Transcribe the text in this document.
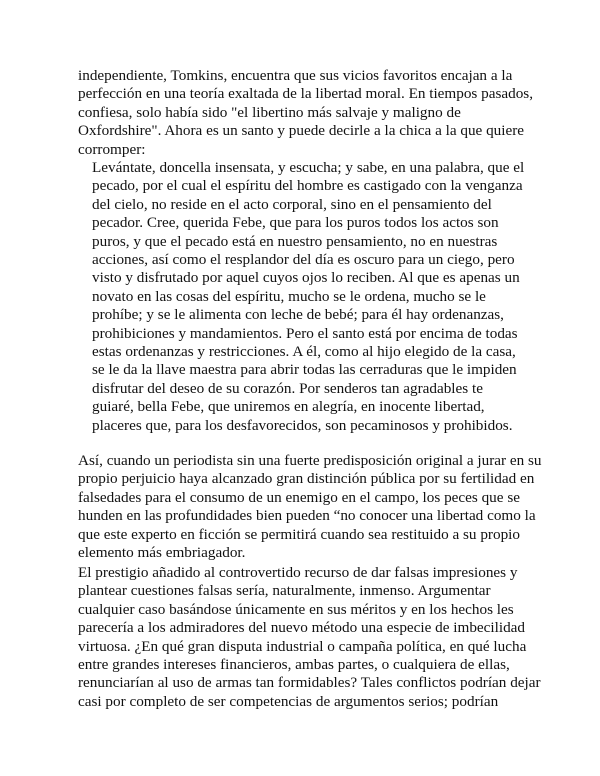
independiente, Tomkins, encuentra que sus vicios favoritos encajan a la
perfección en una teoría exaltada de la libertad moral. En tiempos pasados,
confiesa, solo había sido "el libertino más salvaje y maligno de
Oxfordshire". Ahora es un santo y puede decirle a la chica a la que quiere
corromper:
Levántate, doncella insensata, y escucha; y sabe, en una palabra, que el
pecado, por el cual el espíritu del hombre es castigado con la venganza
del cielo, no reside en el acto corporal, sino en el pensamiento del
pecador. Cree, querida Febe, que para los puros todos los actos son
puros, y que el pecado está en nuestro pensamiento, no en nuestras
acciones, así como el resplandor del día es oscuro para un ciego, pero
visto y disfrutado por aquel cuyos ojos lo reciben. Al que es apenas un
novato en las cosas del espíritu, mucho se le ordena, mucho se le
prohíbe; y se le alimenta con leche de bebé; para él hay ordenanzas,
prohibiciones y mandamientos. Pero el santo está por encima de todas
estas ordenanzas y restricciones. A él, como al hijo elegido de la casa,
se le da la llave maestra para abrir todas las cerraduras que le impiden
disfrutar del deseo de su corazón. Por senderos tan agradables te
guiaré, bella Febe, que uniremos en alegría, en inocente libertad,
placeres que, para los desfavorecidos, son pecaminosos y prohibidos.
Así, cuando un periodista sin una fuerte predisposición original a jurar en su
propio perjuicio haya alcanzado gran distinción pública por su fertilidad en
falsedades para el consumo de un enemigo en el campo, los peces que se
hunden en las profundidades bien pueden “no conocer una libertad como la
que este experto en ficción se permitirá cuando sea restituido a su propio
elemento más embriagador.
El prestigio añadido al controvertido recurso de dar falsas impresiones y
plantear cuestiones falsas sería, naturalmente, inmenso. Argumentar
cualquier caso basándose únicamente en sus méritos y en los hechos les
parecería a los admiradores del nuevo método una especie de imbecilidad
virtuosa. ¿En qué gran disputa industrial o campaña política, en qué lucha
entre grandes intereses financieros, ambas partes, o cualquiera de ellas,
renunciarían al uso de armas tan formidables? Tales conflictos podrían dejar
casi por completo de ser competencias de argumentos serios; podrían
